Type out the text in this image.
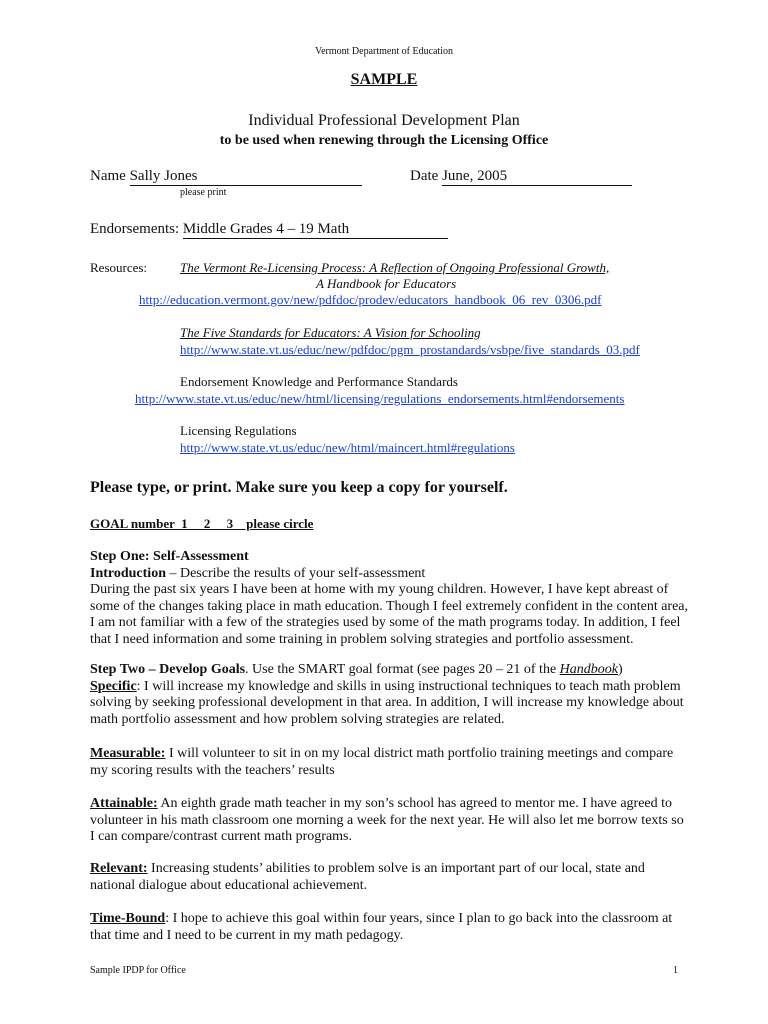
Vermont Department of Education
SAMPLE
Individual Professional Development Plan
to be used when renewing through the Licensing Office
Name Sally Jones
please print
Date June, 2005
Endorsements: Middle Grades 4 – 19 Math
Resources:	The Vermont Re-Licensing Process: A Reflection of Ongoing Professional Growth,
A Handbook for Educators
http://education.vermont.gov/new/pdfdoc/prodev/educators_handbook_06_rev_0306.pdf
The Five Standards for Educators: A Vision for Schooling
http://www.state.vt.us/educ/new/pdfdoc/pgm_prostandards/vsbpe/five_standards_03.pdf
Endorsement Knowledge and Performance Standards
http://www.state.vt.us/educ/new/html/licensing/regulations_endorsements.html#endorsements
Licensing Regulations
http://www.state.vt.us/educ/new/html/maincert.html#regulations
Please type, or print. Make sure you keep a copy for yourself.
GOAL number  1     2     3    please circle
Step One: Self-Assessment
Introduction – Describe the results of your self-assessment
During the past six years I have been at home with my young children. However, I have kept abreast of some of the changes taking place in math education. Though I feel extremely confident in the content area, I am not familiar with a few of the strategies used by some of the math programs today. In addition, I feel that I need information and some training in problem solving strategies and portfolio assessment.
Step Two – Develop Goals. Use the SMART goal format (see pages 20 – 21 of the Handbook)
Specific: I will increase my knowledge and skills in using instructional techniques to teach math problem solving by seeking professional development in that area. In addition, I will increase my knowledge about math portfolio assessment and how problem solving strategies are related.
Measurable: I will volunteer to sit in on my local district math portfolio training meetings and compare my scoring results with the teachers’ results
Attainable: An eighth grade math teacher in my son’s school has agreed to mentor me. I have agreed to volunteer in his math classroom one morning a week for the next year. He will also let me borrow texts so I can compare/contrast current math programs.
Relevant: Increasing students’ abilities to problem solve is an important part of our local, state and national dialogue about educational achievement.
Time-Bound: I hope to achieve this goal within four years, since I plan to go back into the classroom at that time and I need to be current in my math pedagogy.
Sample IPDP for Office	1
